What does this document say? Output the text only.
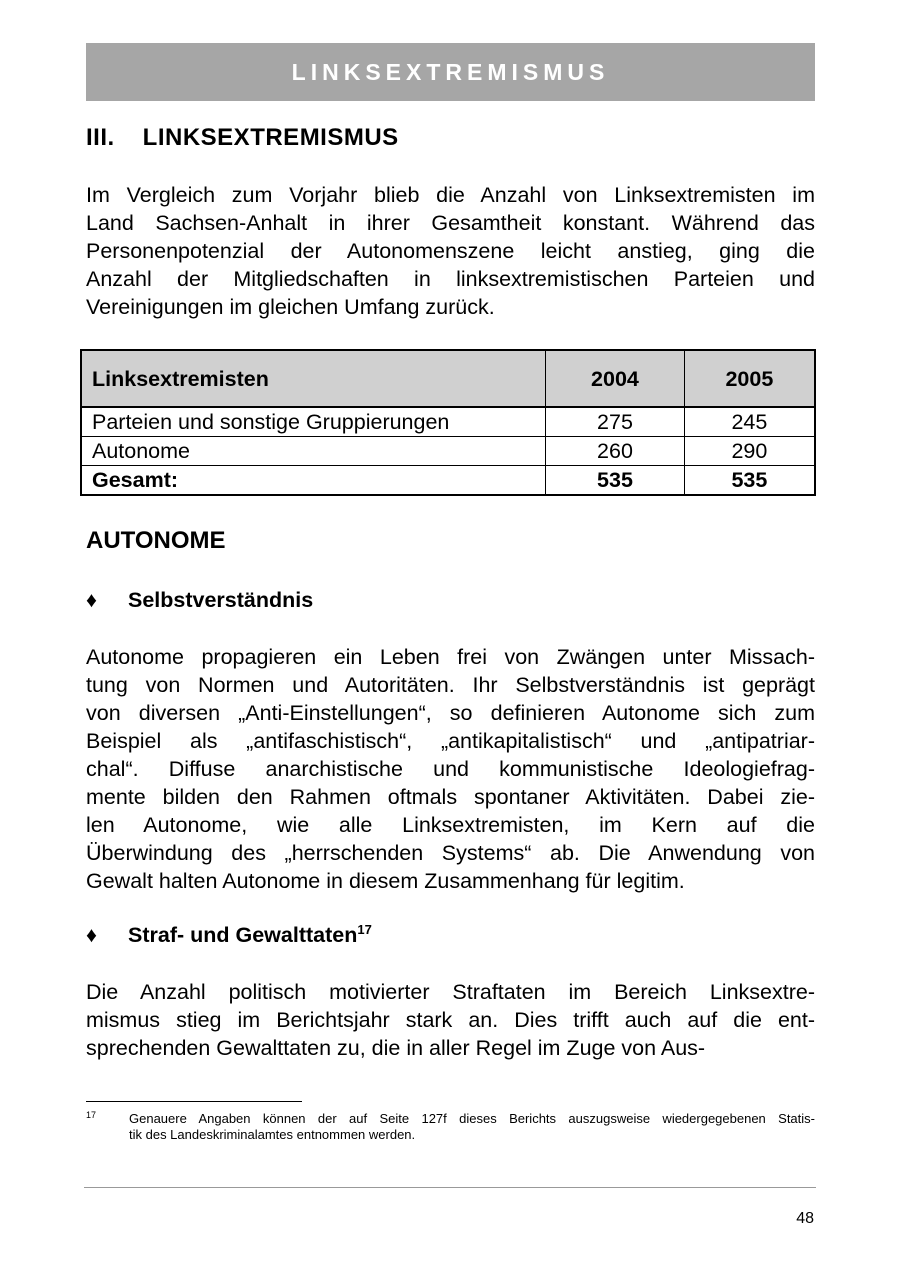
LINKSEXTREMISMUS
III. LINKSEXTREMISMUS
Im Vergleich zum Vorjahr blieb die Anzahl von Linksextremisten im
Land Sachsen-Anhalt in ihrer Gesamtheit konstant. Während das
Personenpotenzial der Autonomenszene leicht anstieg, ging die
Anzahl der Mitgliedschaften in linksextremistischen Parteien und
Vereinigungen im gleichen Umfang zurück.
Linksextremisten	2004	2005
Parteien und sonstige Gruppierungen	275	245
Autonome	260	290
Gesamt:	535	535
AUTONOME
♦ Selbstverständnis
Autonome propagieren ein Leben frei von Zwängen unter Missach-
tung von Normen und Autoritäten. Ihr Selbstverständnis ist geprägt
von diversen „Anti-Einstellungen“, so definieren Autonome sich zum
Beispiel als „antifaschistisch“, „antikapitalistisch“ und „antipatriar-
chal“. Diffuse anarchistische und kommunistische Ideologiefrag-
mente bilden den Rahmen oftmals spontaner Aktivitäten. Dabei zie-
len Autonome, wie alle Linksextremisten, im Kern auf die
Überwindung des „herrschenden Systems“ ab. Die Anwendung von
Gewalt halten Autonome in diesem Zusammenhang für legitim.
♦ Straf- und Gewalttaten$^{17}$
Die Anzahl politisch motivierter Straftaten im Bereich Linksextre-
mismus stieg im Berichtsjahr stark an. Dies trifft auch auf die ent-
sprechenden Gewalttaten zu, die in aller Regel im Zuge von Aus-
17	Genauere Angaben können der auf Seite 127f dieses Berichts auszugsweise wiedergegebenen Statis-
tik des Landeskriminalamtes entnommen werden.
48
